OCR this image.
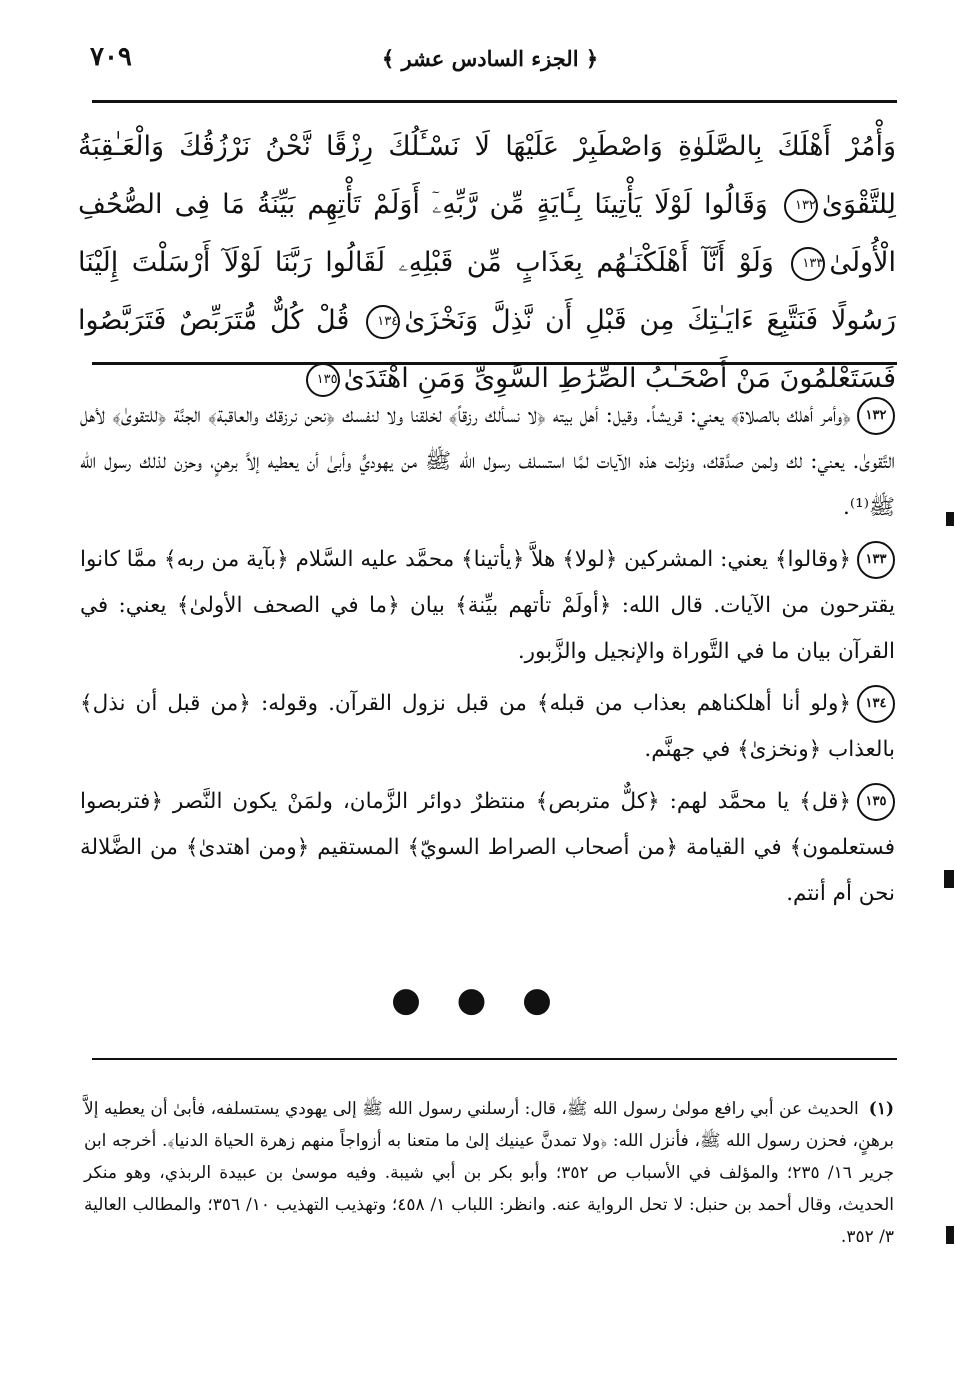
٧٠٩	﴿ الجزء السادس عشر ﴾
وَأْمُرْ أَهْلَكَ بِالصَّلَوٰةِ وَاصْطَبِرْ عَلَيْهَا لَا نَسْـَٔلُكَ رِزْقًا نَّحْنُ نَرْزُقُكَ وَالْعَـٰقِبَةُ لِلتَّقْوَىٰ١٣٢ وَقَالُوا لَوْلَا يَأْتِينَا بِـَٔايَةٍ مِّن رَّبِّهِۦٓ أَوَلَمْ تَأْتِهِم بَيِّنَةُ مَا فِى الصُّحُفِ الْأُولَىٰ١٣٣ وَلَوْ أَنَّآ أَهْلَكْنَـٰهُم بِعَذَابٍ مِّن قَبْلِهِۦ لَقَالُوا رَبَّنَا لَوْلَآ أَرْسَلْتَ إِلَيْنَا رَسُولًا فَنَتَّبِعَ ءَايَـٰتِكَ مِن قَبْلِ أَن نَّذِلَّ وَنَخْزَىٰ١٣٤ قُلْ كُلٌّ مُّتَرَبِّصٌ فَتَرَبَّصُوا فَسَتَعْلَمُونَ مَنْ أَصْحَـٰبُ الصِّرَٰطِ السَّوِىِّ وَمَنِ اهْتَدَىٰ١٣٥

١٣٢﴿وأمر أهلك بالصلاة﴾ يعني: قريشاً. وقيل: أهل بيته ﴿لا نسألك رزقاً﴾ لخلقنا ولا لنفسك ﴿نحن نرزقك والعاقبة﴾ الجنَّة ﴿للتقوىٰ﴾ لأهل التَّقوىٰ. يعني: لك ولمن صدَّقك، ونزلت هذه الآيات لمَّا استسلف رسول الله ﷺ من يهوديٍّ وأبىٰ أن يعطيه إلاَّ برهنٍ، وحزن لذلك رسول الله ﷺ⁽¹⁾.

١٣٣﴿وقالوا﴾ يعني: المشركين ﴿لولا﴾ هلاَّ ﴿يأتينا﴾ محمَّد عليه السَّلام ﴿بآية من ربه﴾ ممَّا كانوا يقترحون من الآيات. قال الله: ﴿أولَمْ تأتهم بيِّنة﴾ بيان ﴿ما في الصحف الأولىٰ﴾ يعني: في القرآن بيان ما في التَّوراة والإنجيل والزَّبور.

١٣٤﴿ولو أنا أهلكناهم بعذاب من قبله﴾ من قبل نزول القرآن. وقوله: ﴿من قبل أن نذل﴾ بالعذاب ﴿ونخزىٰ﴾ في جهنَّم.

١٣٥﴿قل﴾ يا محمَّد لهم: ﴿كلٌّ متربص﴾ منتظرٌ دوائر الزَّمان، ولمَنْ يكون النَّصر ﴿فتربصوا فستعلمون﴾ في القيامة ﴿من أصحاب الصراط السويّ﴾ المستقيم ﴿ومن اهتدىٰ﴾ من الضَّلالة نحن أم أنتم.

● ● ●
(١)الحديث عن أبي رافع مولىٰ رسول الله ﷺ، قال: أرسلني رسول الله ﷺ إلى يهودي يستسلفه، فأبىٰ أن يعطيه إلاَّ برهنٍ، فحزن رسول الله ﷺ، فأنزل الله: ﴿ولا تمدنَّ عينيك إلىٰ ما متعنا به أزواجاً منهم زهرة الحياة الدنيا﴾. أخرجه ابن جرير ١٦/ ٢٣٥؛ والمؤلف في الأسباب ص ٣٥٢؛ وأبو بكر بن أبي شيبة. وفيه موسىٰ بن عبيدة الربذي، وهو منكر الحديث، وقال أحمد بن حنبل: لا تحل الرواية عنه. وانظر: اللباب ١/ ٤٥٨؛ وتهذيب التهذيب ١٠/ ٣٥٦؛ والمطالب العالية ٣/ ٣٥٢.
